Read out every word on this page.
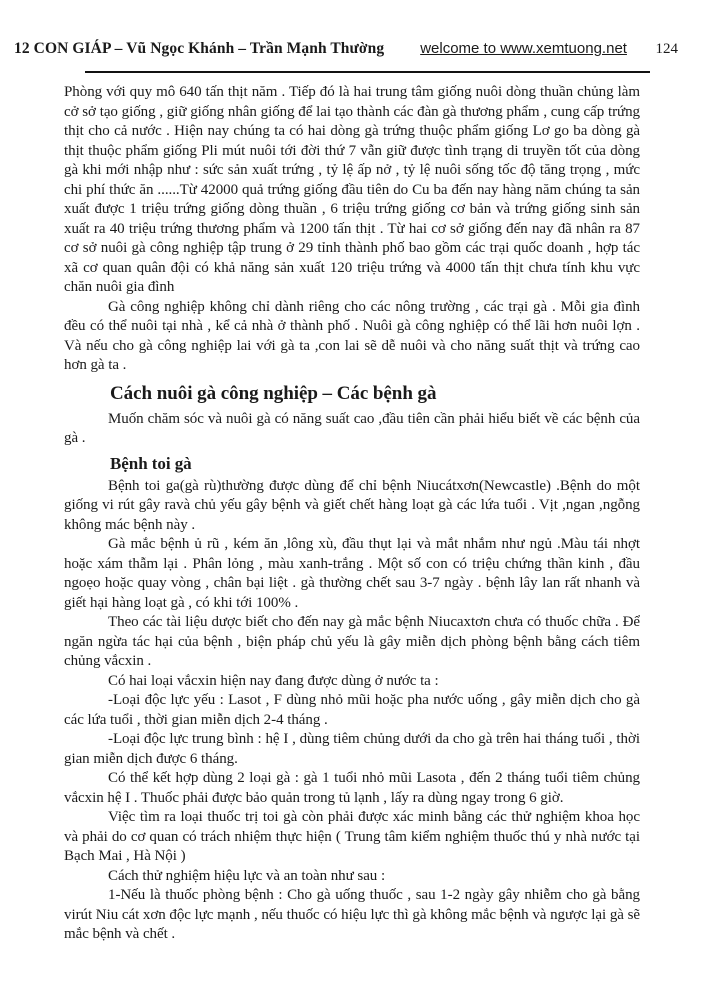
12 CON GIÁP – Vũ Ngọc Khánh – Trần Mạnh Thường welcome to www.xemtuong.net 124

Phòng với quy mô 640 tấn thịt năm . Tiếp đó là hai trung tâm giống nuôi dòng thuần chủng làm cở sở tạo giống , giữ giống nhân giống để lai tạo thành các đàn gà thương phẩm , cung cấp trứng thịt cho cả nước . Hiện nay chúng ta có hai dòng gà trứng thuộc phẩm giống Lơ go ba dòng gà thịt thuộc phẩm giống Pli mút nuôi tới đời thứ 7 vẫn giữ được tình trạng di truyền tốt của dòng gà khi mới nhập như : sức sản xuất trứng , tỷ lệ ấp nở , tỷ lệ nuôi sống tốc độ tăng trọng , mức chi phí thức ăn ......Từ 42000 quả trứng giống đầu tiên do Cu ba đến nay hàng năm chúng ta sản xuất được 1 triệu trứng giống dòng thuần , 6 triệu trứng giống cơ bản và trứng giống sinh sản xuất ra 40 triệu trứng thương phẩm và 1200 tấn thịt . Từ hai cơ sở giống đến nay đã nhân ra 87 cơ sở nuôi gà công nghiệp tập trung ở 29 tỉnh thành phố bao gồm các trại quốc doanh , hợp tác xã cơ quan quân đội có khả năng sản xuất 120 triệu trứng và 4000 tấn thịt chưa tính khu vực chăn nuôi gia đình

Gà công nghiệp không chỉ dành riêng cho các nông trường , các trại gà . Mỗi gia đình đều có thể nuôi tại nhà , kể cả nhà ở thành phố . Nuôi gà công nghiệp có thể lãi hơn nuôi lợn . Và nếu cho gà công nghiệp lai với gà ta ,con lai sẽ dễ nuôi và cho năng suất thịt và trứng cao hơn gà ta .

Cách nuôi gà công nghiệp – Các bệnh gà

Muốn chăm sóc và nuôi gà có năng suất cao ,đầu tiên cần phải hiểu biết về các bệnh của gà .

Bệnh toi gà

Bệnh toi ga(gà rù)thường được dùng để chỉ bệnh Niucátxơn(Newcastle) .Bệnh do một giống vi rút gây ravà chủ yếu gây bệnh và giết chết hàng loạt gà các lứa tuổi . Vịt ,ngan ,ngỗng không mác bệnh này .

Gà mắc bệnh ủ rũ , kém ăn ,lông xù, đầu thụt lại và mắt nhắm như ngủ .Màu tái nhợt hoặc xám thẫm lại . Phân lỏng , màu xanh-trắng . Một số con có triệu chứng thần kinh , đầu ngoẹo hoặc quay vòng , chân bại liệt . gà thường chết sau 3-7 ngày . bệnh lây lan rất nhanh và giết hại hàng loạt gà , có khi tới 100% .

Theo các tài liệu dược biết cho đến nay gà mắc bệnh Niucaxtơn chưa có thuốc chữa . Để ngăn ngừa tác hại của bệnh , biện pháp chủ yếu là gây miễn dịch phòng bệnh bằng cách tiêm chủng vắcxin .

Có hai loại vắcxin hiện nay đang được dùng ở nước ta :

-Loại độc lực yếu : Lasot , F dùng nhỏ mũi hoặc pha nước uống , gây miễn dịch cho gà các lứa tuổi , thời gian miễn dịch 2-4 tháng .

-Loại độc lực trung bình : hệ I , dùng tiêm chủng dưới da cho gà trên hai tháng tuổi , thời gian miễn dịch được 6 tháng.

Có thể kết hợp dùng 2 loại gà : gà 1 tuổi nhỏ mũi Lasota , đến 2 tháng tuổi tiêm chủng vắcxin hệ I . Thuốc phải được bảo quản trong tủ lạnh , lấy ra dùng ngay trong 6 giờ.

Việc tìm ra loại thuốc trị toi gà còn phải được xác minh bằng các thử nghiệm khoa học và phải do cơ quan có trách nhiệm thực hiện ( Trung tâm kiểm nghiệm thuốc thú y nhà nước tại Bạch Mai , Hà Nội )

Cách thử nghiệm hiệu lực và an toàn như sau :

1-Nếu là thuốc phòng bệnh : Cho gà uống thuốc , sau 1-2 ngày gây nhiễm cho gà bằng virút Niu cát xơn độc lực mạnh , nếu thuốc có hiệu lực thì gà không mắc bệnh và ngược lại gà sẽ mắc bệnh và chết .
